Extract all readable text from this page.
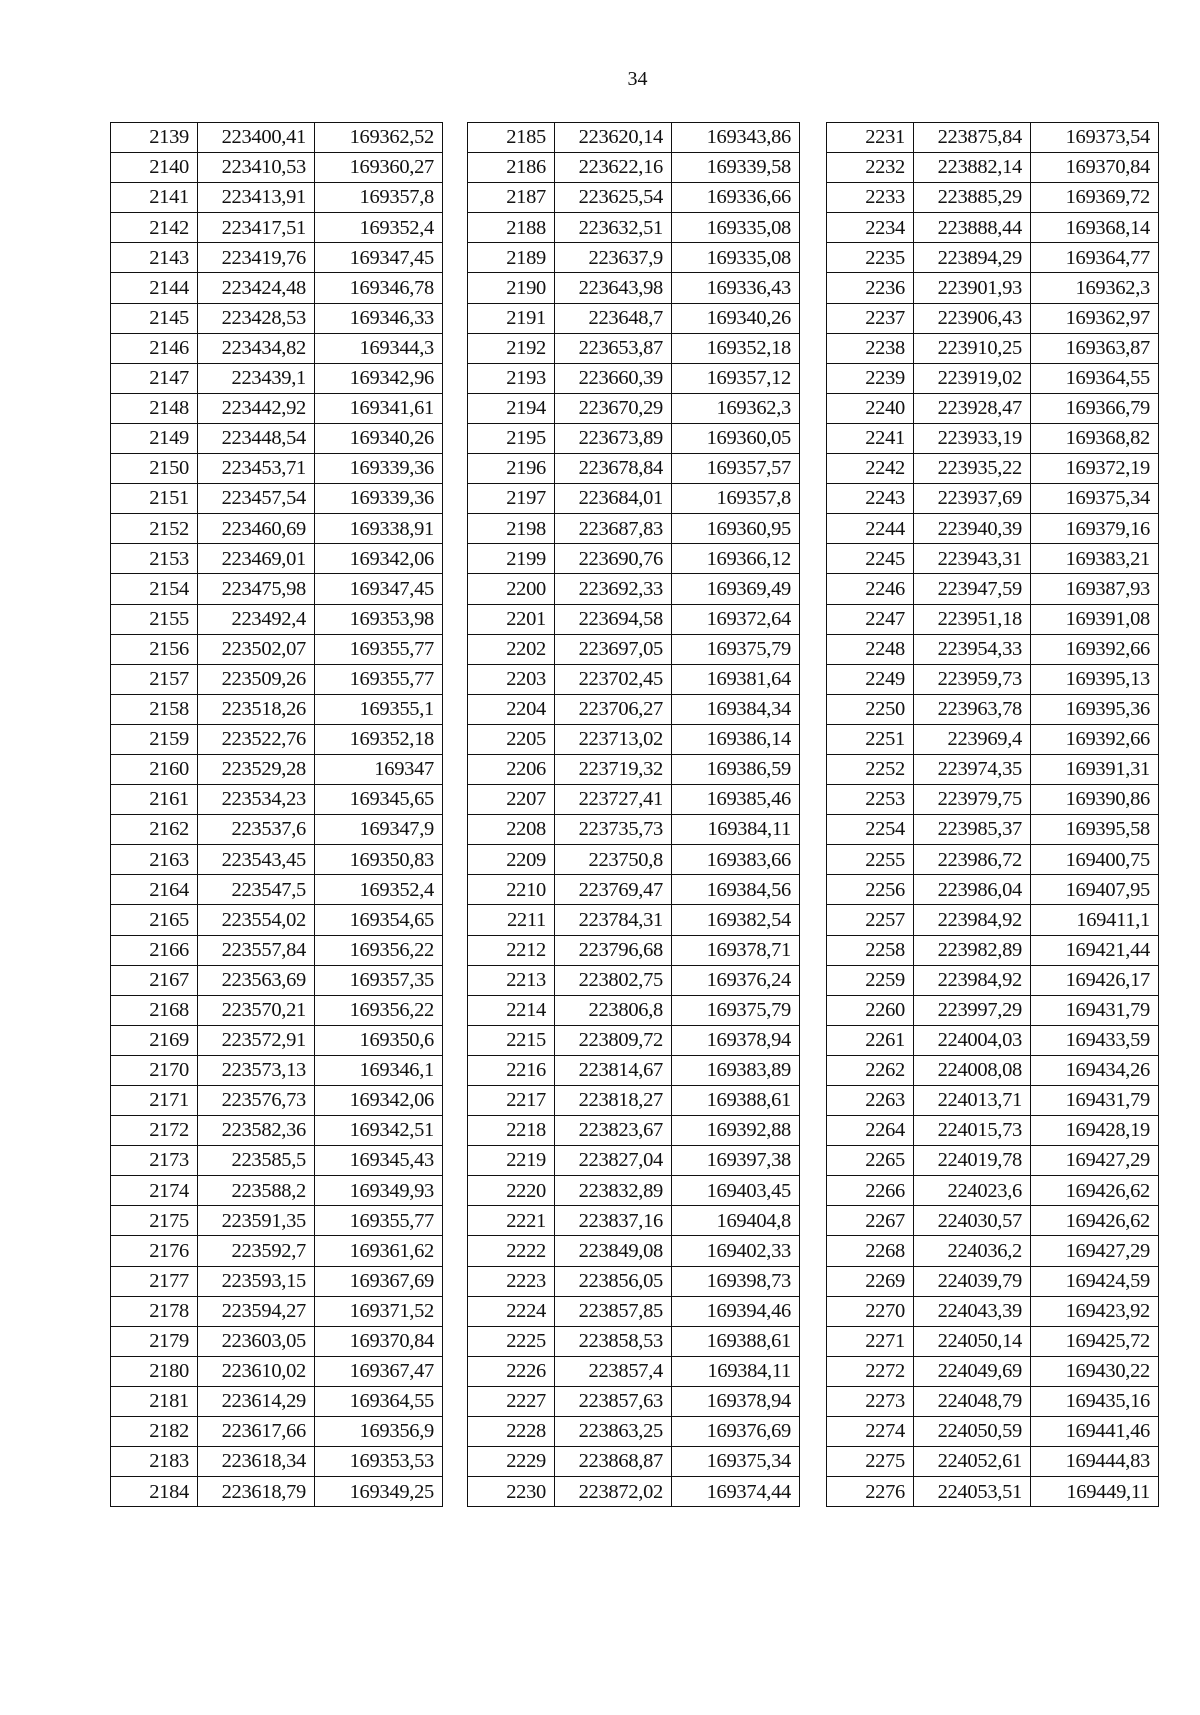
34
2139	223400,41	169362,52
2140	223410,53	169360,27
2141	223413,91	169357,8
2142	223417,51	169352,4
2143	223419,76	169347,45
2144	223424,48	169346,78
2145	223428,53	169346,33
2146	223434,82	169344,3
2147	223439,1	169342,96
2148	223442,92	169341,61
2149	223448,54	169340,26
2150	223453,71	169339,36
2151	223457,54	169339,36
2152	223460,69	169338,91
2153	223469,01	169342,06
2154	223475,98	169347,45
2155	223492,4	169353,98
2156	223502,07	169355,77
2157	223509,26	169355,77
2158	223518,26	169355,1
2159	223522,76	169352,18
2160	223529,28	169347
2161	223534,23	169345,65
2162	223537,6	169347,9
2163	223543,45	169350,83
2164	223547,5	169352,4
2165	223554,02	169354,65
2166	223557,84	169356,22
2167	223563,69	169357,35
2168	223570,21	169356,22
2169	223572,91	169350,6
2170	223573,13	169346,1
2171	223576,73	169342,06
2172	223582,36	169342,51
2173	223585,5	169345,43
2174	223588,2	169349,93
2175	223591,35	169355,77
2176	223592,7	169361,62
2177	223593,15	169367,69
2178	223594,27	169371,52
2179	223603,05	169370,84
2180	223610,02	169367,47
2181	223614,29	169364,55
2182	223617,66	169356,9
2183	223618,34	169353,53
2184	223618,79	169349,25
2185	223620,14	169343,86
2186	223622,16	169339,58
2187	223625,54	169336,66
2188	223632,51	169335,08
2189	223637,9	169335,08
2190	223643,98	169336,43
2191	223648,7	169340,26
2192	223653,87	169352,18
2193	223660,39	169357,12
2194	223670,29	169362,3
2195	223673,89	169360,05
2196	223678,84	169357,57
2197	223684,01	169357,8
2198	223687,83	169360,95
2199	223690,76	169366,12
2200	223692,33	169369,49
2201	223694,58	169372,64
2202	223697,05	169375,79
2203	223702,45	169381,64
2204	223706,27	169384,34
2205	223713,02	169386,14
2206	223719,32	169386,59
2207	223727,41	169385,46
2208	223735,73	169384,11
2209	223750,8	169383,66
2210	223769,47	169384,56
2211	223784,31	169382,54
2212	223796,68	169378,71
2213	223802,75	169376,24
2214	223806,8	169375,79
2215	223809,72	169378,94
2216	223814,67	169383,89
2217	223818,27	169388,61
2218	223823,67	169392,88
2219	223827,04	169397,38
2220	223832,89	169403,45
2221	223837,16	169404,8
2222	223849,08	169402,33
2223	223856,05	169398,73
2224	223857,85	169394,46
2225	223858,53	169388,61
2226	223857,4	169384,11
2227	223857,63	169378,94
2228	223863,25	169376,69
2229	223868,87	169375,34
2230	223872,02	169374,44
2231	223875,84	169373,54
2232	223882,14	169370,84
2233	223885,29	169369,72
2234	223888,44	169368,14
2235	223894,29	169364,77
2236	223901,93	169362,3
2237	223906,43	169362,97
2238	223910,25	169363,87
2239	223919,02	169364,55
2240	223928,47	169366,79
2241	223933,19	169368,82
2242	223935,22	169372,19
2243	223937,69	169375,34
2244	223940,39	169379,16
2245	223943,31	169383,21
2246	223947,59	169387,93
2247	223951,18	169391,08
2248	223954,33	169392,66
2249	223959,73	169395,13
2250	223963,78	169395,36
2251	223969,4	169392,66
2252	223974,35	169391,31
2253	223979,75	169390,86
2254	223985,37	169395,58
2255	223986,72	169400,75
2256	223986,04	169407,95
2257	223984,92	169411,1
2258	223982,89	169421,44
2259	223984,92	169426,17
2260	223997,29	169431,79
2261	224004,03	169433,59
2262	224008,08	169434,26
2263	224013,71	169431,79
2264	224015,73	169428,19
2265	224019,78	169427,29
2266	224023,6	169426,62
2267	224030,57	169426,62
2268	224036,2	169427,29
2269	224039,79	169424,59
2270	224043,39	169423,92
2271	224050,14	169425,72
2272	224049,69	169430,22
2273	224048,79	169435,16
2274	224050,59	169441,46
2275	224052,61	169444,83
2276	224053,51	169449,11
